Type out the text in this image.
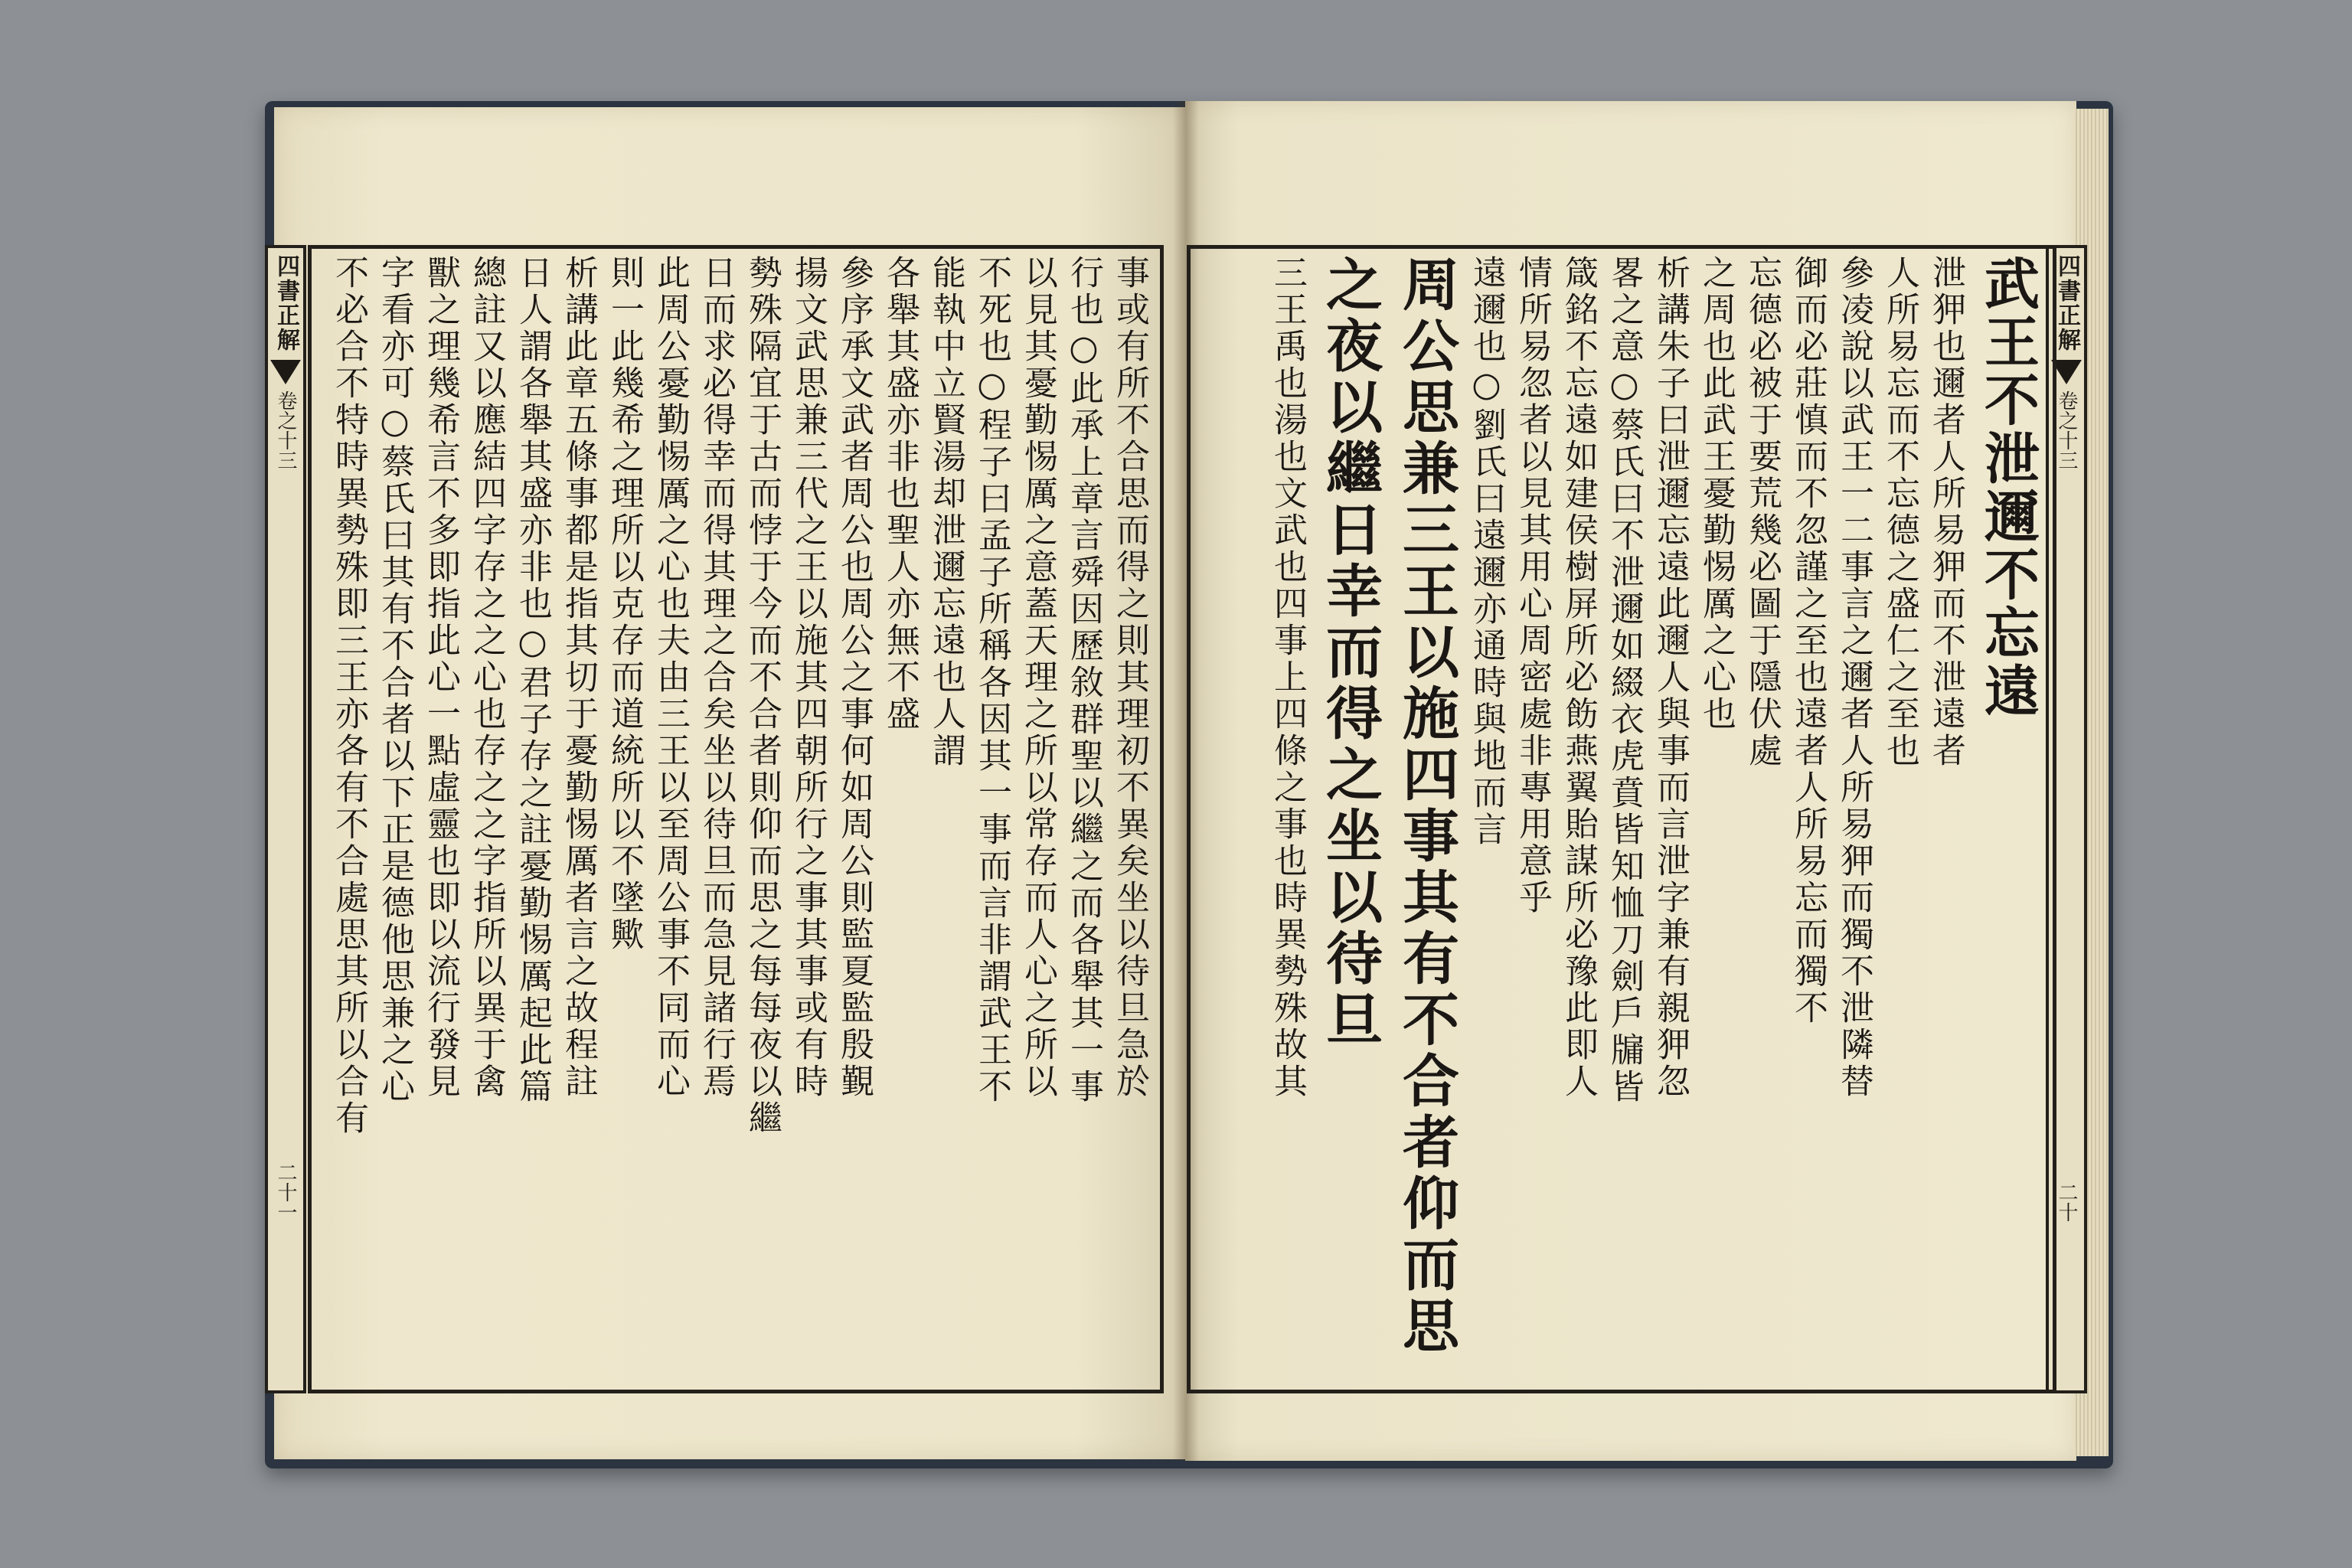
四書正解
卷之十三
二十一
四書正解
卷之十三
二十
事或有所不合思而得之則其理初不異矣坐以待旦急於
行也○此承上章言舜因歷敘群聖以繼之而各舉其一事
以見其憂勤惕厲之意蓋天理之所以常存而人心之所以
不死也○程子曰孟子所稱各因其一事而言非謂武王不
能執中立賢湯却泄邇忘遠也人謂
各舉其盛亦非也聖人亦無不盛
參序承文武者周公也周公之事何如周公則監夏監殷覲
揚文武思兼三代之王以施其四朝所行之事其事或有時
勢殊隔宜于古而悖于今而不合者則仰而思之每每夜以繼
日而求必得幸而得其理之合矣坐以待旦而急見諸行焉
此周公憂勤惕厲之心也夫由三王以至周公事不同而心
則一此幾希之理所以克存而道統所以不墜歟
析講此章五條事都是指其切于憂勤惕厲者言之故程註
日人謂各舉其盛亦非也○君子存之註憂勤惕厲起此篇
總註又以應結四字存之之心也存之之字指所以異于禽
獸之理幾希言不多即指此心一點虛靈也即以流行發見
字看亦可○蔡氏曰其有不合者以下正是德他思兼之心
不必合不特時異勢殊即三王亦各有不合處思其所以合有	武王不泄邇不忘遠
泄狎也邇者人所易狎而不泄遠者
人所易忘而不忘德之盛仁之至也
參凌說以武王一二事言之邇者人所易狎而獨不泄隣替
御而必莊慎而不忽謹之至也遠者人所易忘而獨不
忘德必被于要荒幾必圖于隱伏處
之周也此武王憂勤惕厲之心也
析講朱子曰泄邇忘遠此邇人與事而言泄字兼有親狎忽
畧之意○蔡氏曰不泄邇如綴衣虎賁皆知恤刀劍戶牖皆
箴銘不忘遠如建侯樹屏所必飭燕翼貽謀所必豫此即人
情所易忽者以見其用心周密處非專用意乎
遠邇也○劉氏曰遠邇亦通時與地而言
周公思兼三王以施四事其有不合者仰而思
之夜以繼日幸而得之坐以待旦
三王禹也湯也文武也四事上四條之事也時異勢殊故其
